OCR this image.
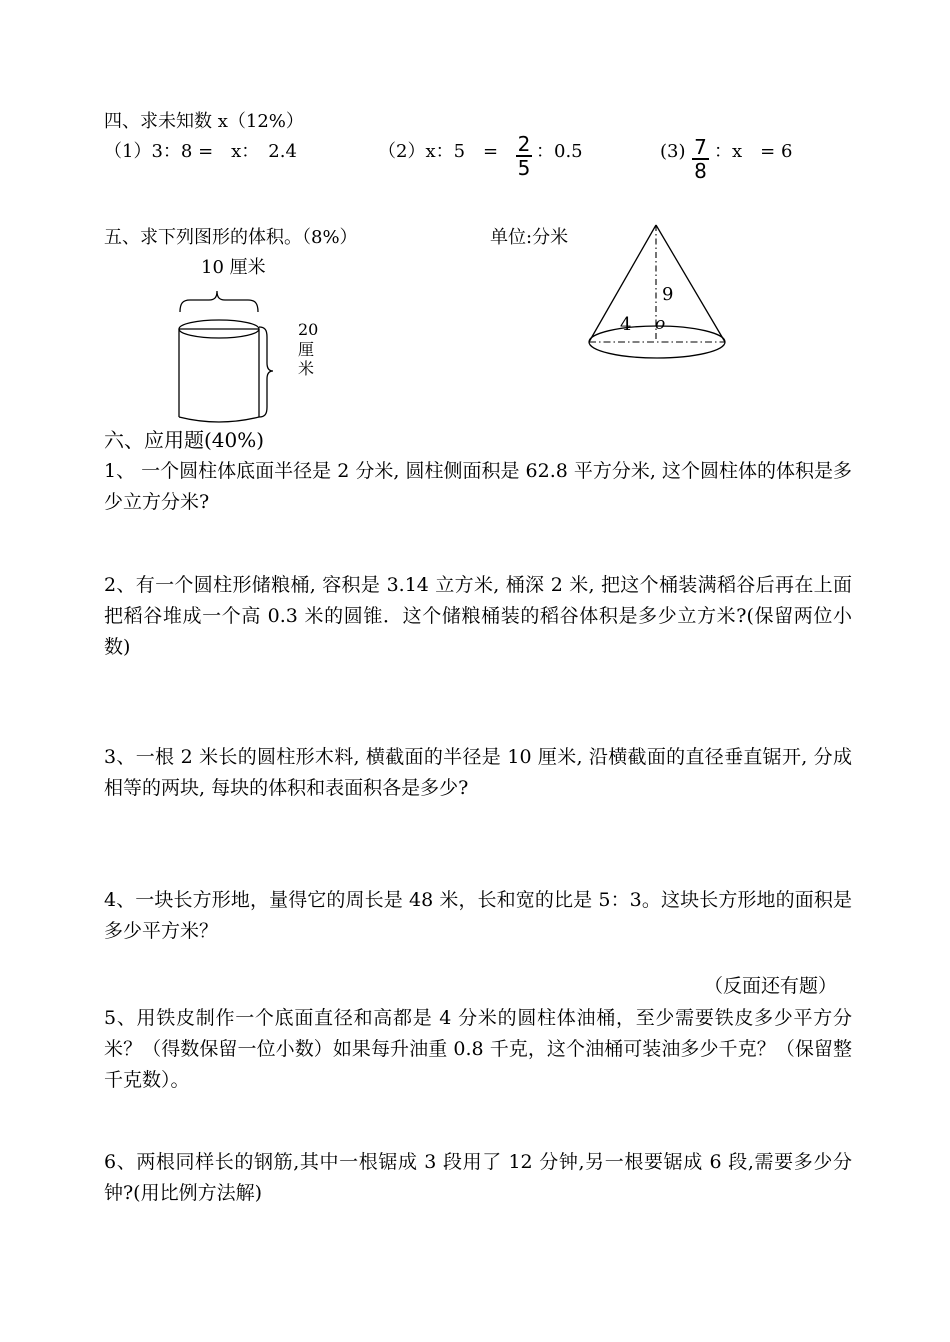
四、求未知数 x（12%）
（1）3：8 =　x：　2.4	（2）x：5　= 2
5
：0.5	(3) 7
8
：x　= 6
五、求下列图形的体积。（8%）	单位:分米
10 厘米
20
厘
米
9
4 o
六、应用题(40%)
1、 一个圆柱体底面半径是 2 分米, 圆柱侧面积是 62.8 平方分米, 这个圆柱体的体积是多少立方分米?
2、有一个圆柱形储粮桶, 容积是 3.14 立方米, 桶深 2 米, 把这个桶装满稻谷后再在上面把稻谷堆成一个高 0.3 米的圆锥．这个储粮桶装的稻谷体积是多少立方米?(保留两位小数)
3、一根 2 米长的圆柱形木料, 横截面的半径是 10 厘米, 沿横截面的直径垂直锯开, 分成相等的两块, 每块的体积和表面积各是多少?
4、一块长方形地，量得它的周长是 48 米，长和宽的比是 5：3。这块长方形地的面积是多少平方米？
（反面还有题）
5、用铁皮制作一个底面直径和高都是 4 分米的圆柱体油桶，至少需要铁皮多少平方分米？（得数保留一位小数）如果每升油重 0.8 千克，这个油桶可装油多少千克？（保留整千克数）。
6、两根同样长的钢筋,其中一根锯成 3 段用了 12 分钟,另一根要锯成 6 段,需要多少分钟?(用比例方法解)
